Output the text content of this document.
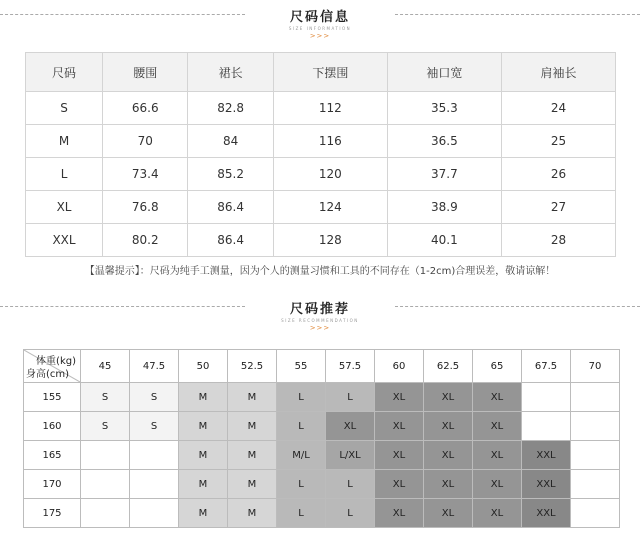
尺码信息
SIZE INFORMATION
>>>
尺码	腰围	裙长	下摆围	袖口宽	肩袖长
S	66.6	82.8	112	35.3	24
M	70	84	116	36.5	25
L	73.4	85.2	120	37.7	26
XL	76.8	86.4	124	38.9	27
XXL	80.2	86.4	128	40.1	28
【温馨提示】：尺码为纯手工测量，因为个人的测量习惯和工具的不同存在（1-2cm)合理误差，敬请谅解！
尺码推荐
SIZE RECOMMENDATION
>>>
体重(kg)
身高(cm)	45	47.5	50	52.5	55	57.5	60	62.5	65	67.5	70
155	S	S	M	M	L	L	XL	XL	XL		
160	S	S	M	M	L	XL	XL	XL	XL		
165			M	M	M/L	L/XL	XL	XL	XL	XXL	
170			M	M	L	L	XL	XL	XL	XXL	
175			M	M	L	L	XL	XL	XL	XXL	
